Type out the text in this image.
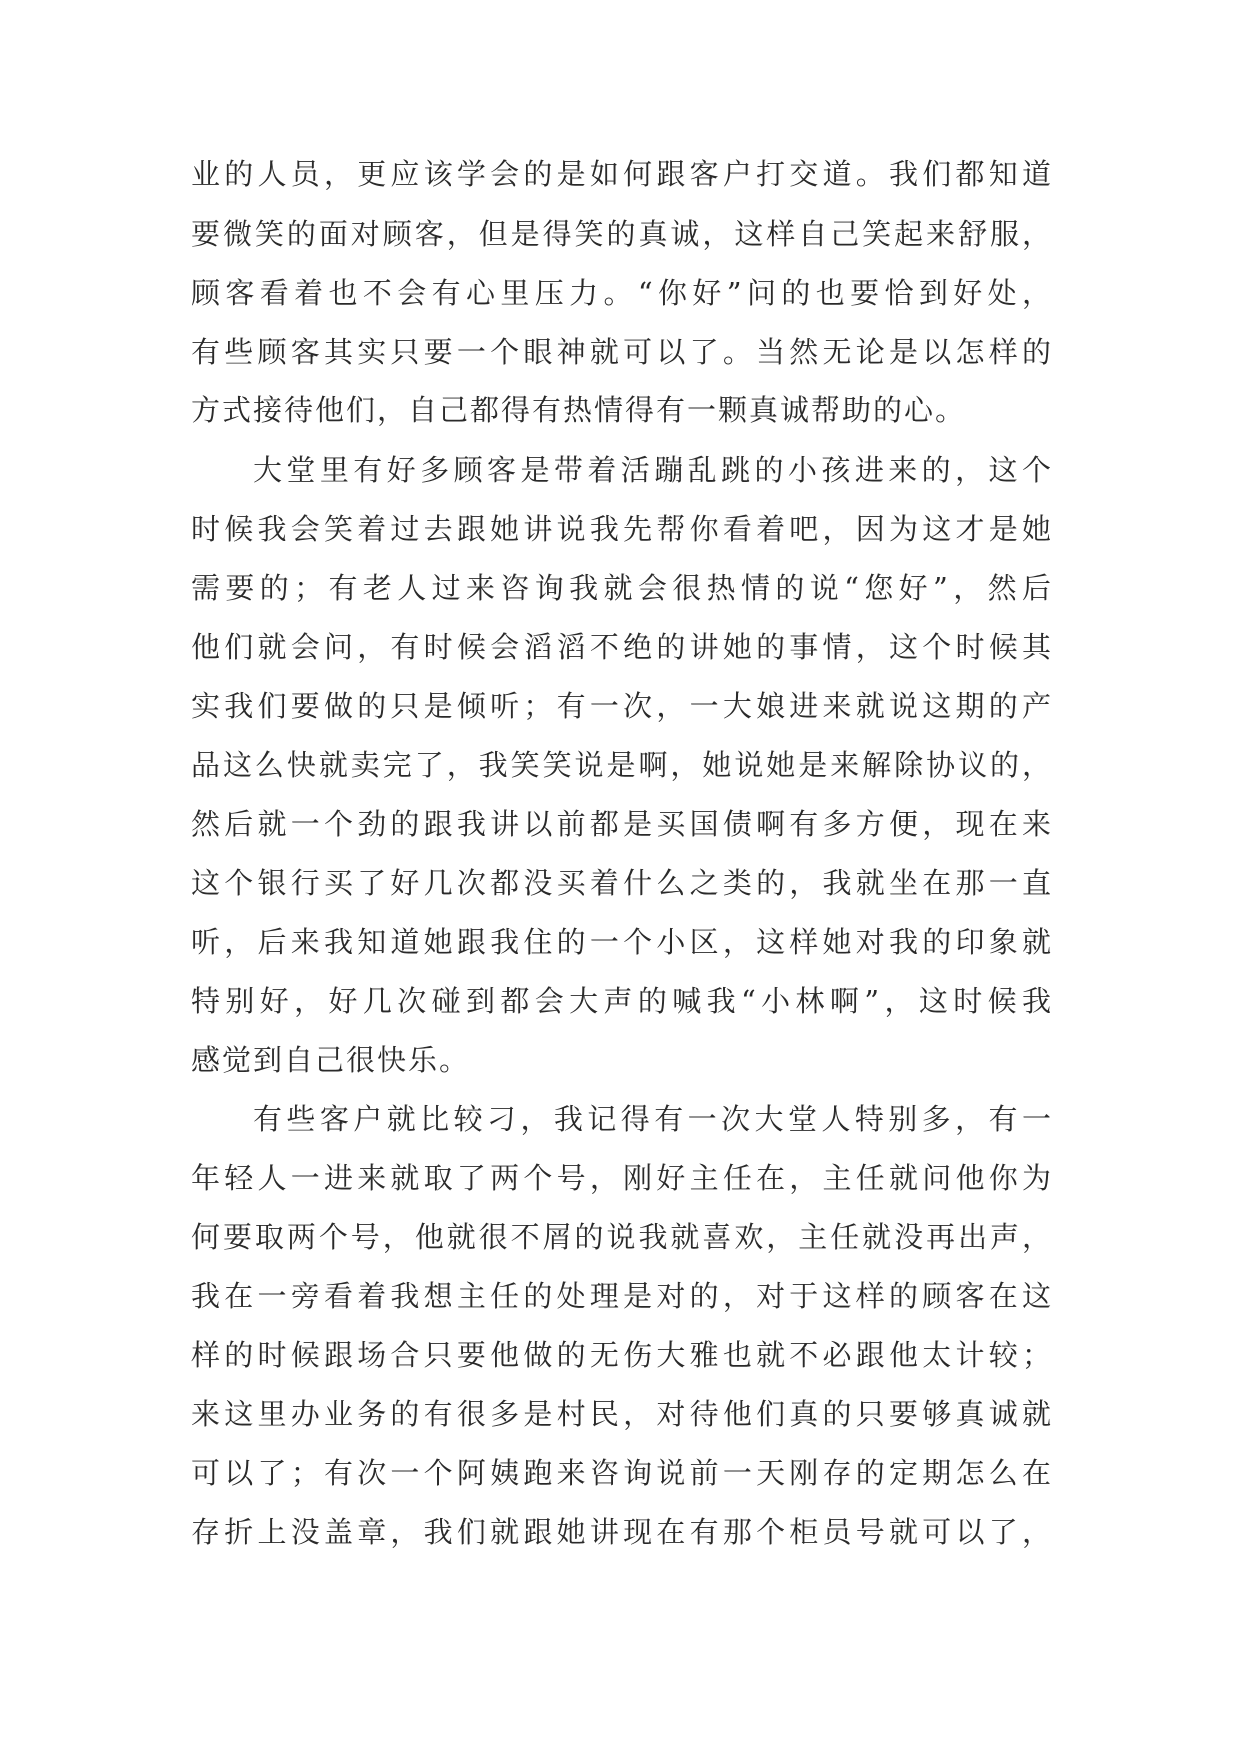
业的人员，更应该学会的是如何跟客户打交道。我们都知道
要微笑的面对顾客，但是得笑的真诚，这样自己笑起来舒服，
顾客看着也不会有心里压力。“你好”问的也要恰到好处，
有些顾客其实只要一个眼神就可以了。当然无论是以怎样的
方式接待他们，自己都得有热情得有一颗真诚帮助的心。
大堂里有好多顾客是带着活蹦乱跳的小孩进来的，这个
时候我会笑着过去跟她讲说我先帮你看着吧，因为这才是她
需要的；有老人过来咨询我就会很热情的说“您好”，然后
他们就会问，有时候会滔滔不绝的讲她的事情，这个时候其
实我们要做的只是倾听；有一次，一大娘进来就说这期的产
品这么快就卖完了，我笑笑说是啊，她说她是来解除协议的，
然后就一个劲的跟我讲以前都是买国债啊有多方便，现在来
这个银行买了好几次都没买着什么之类的，我就坐在那一直
听，后来我知道她跟我住的一个小区，这样她对我的印象就
特别好，好几次碰到都会大声的喊我“小林啊”，这时候我
感觉到自己很快乐。
有些客户就比较刁，我记得有一次大堂人特别多，有一
年轻人一进来就取了两个号，刚好主任在，主任就问他你为
何要取两个号，他就很不屑的说我就喜欢，主任就没再出声，
我在一旁看着我想主任的处理是对的，对于这样的顾客在这
样的时候跟场合只要他做的无伤大雅也就不必跟他太计较；
来这里办业务的有很多是村民，对待他们真的只要够真诚就
可以了；有次一个阿姨跑来咨询说前一天刚存的定期怎么在
存折上没盖章，我们就跟她讲现在有那个柜员号就可以了，
